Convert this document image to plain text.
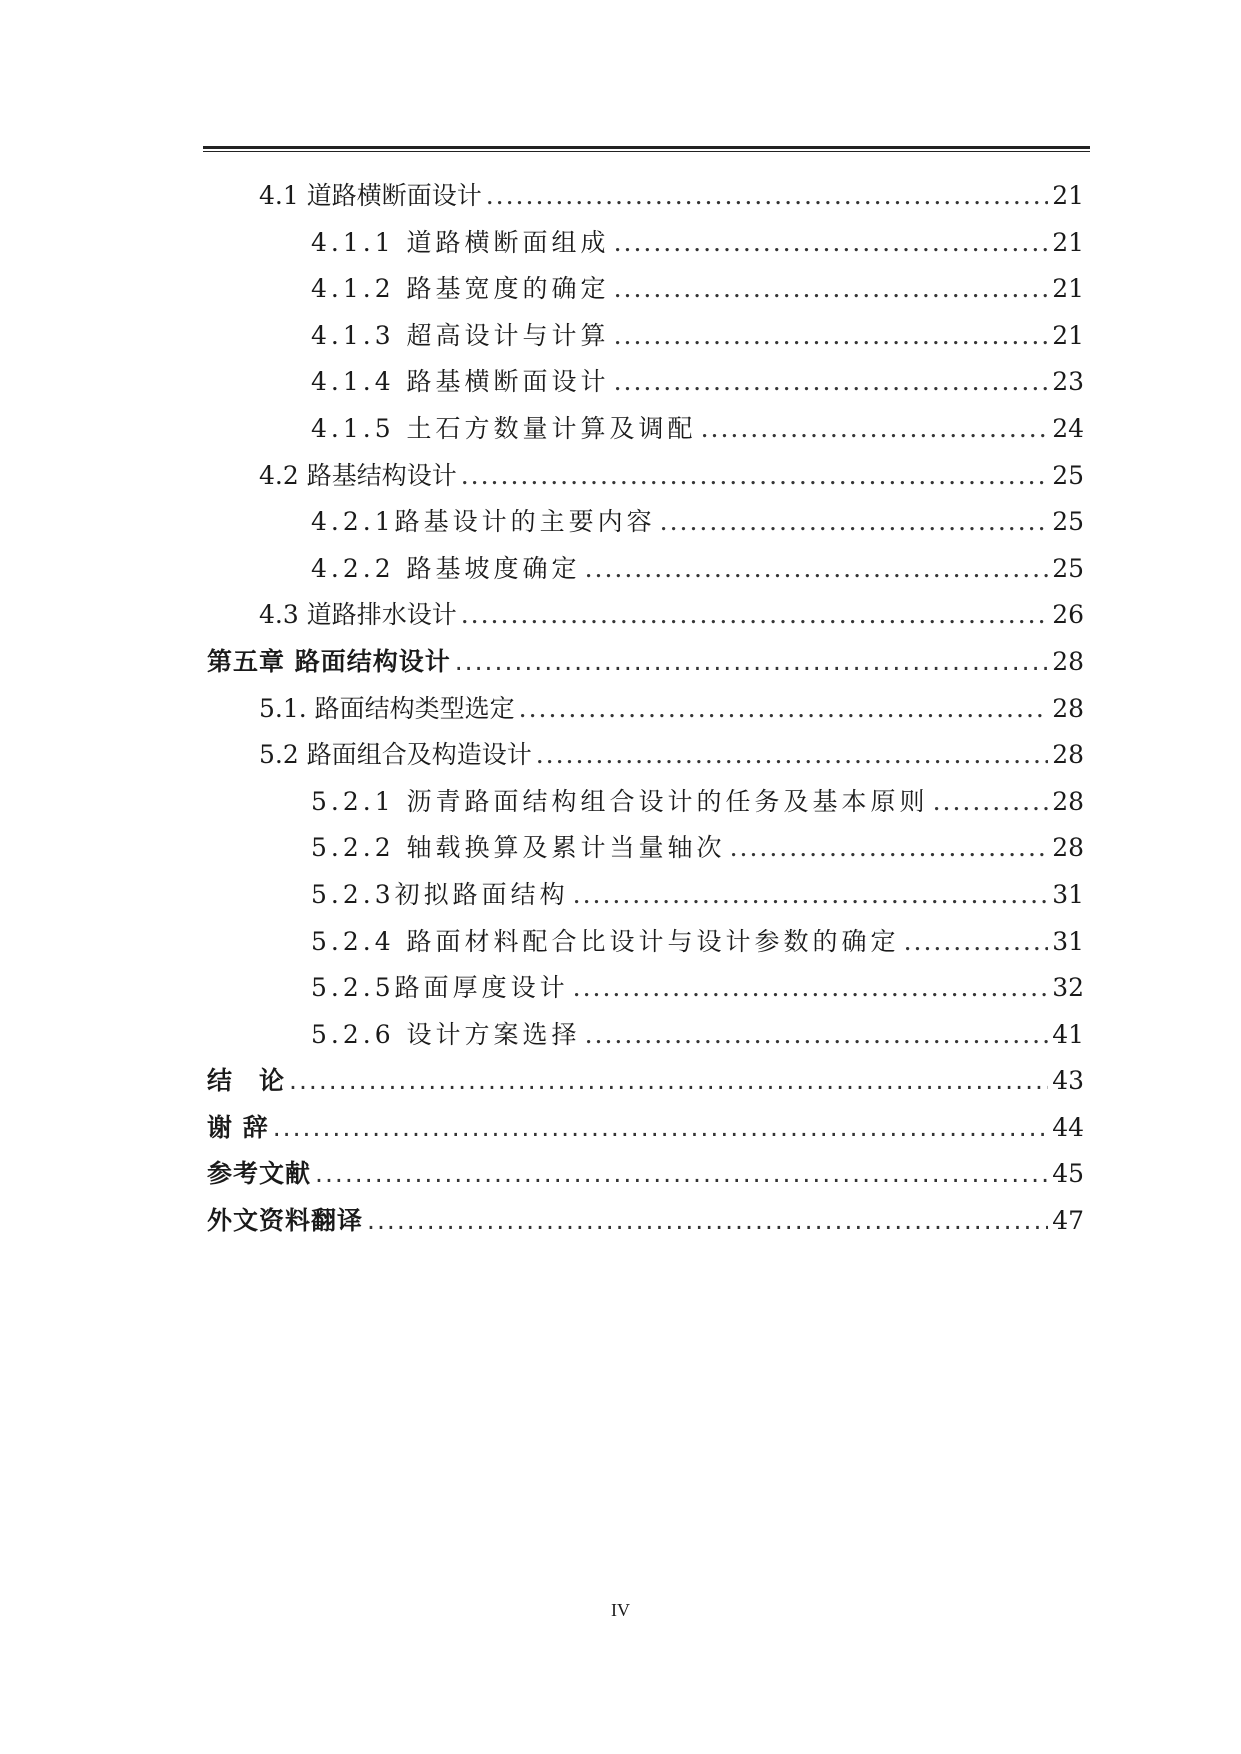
4.1 道路横断面设计 .....	21
4.1.1 道路横断面组成 .....	21
4.1.2 路基宽度的确定 .....	21
4.1.3 超高设计与计算 .....	21
4.1.4 路基横断面设计 .....	23
4.1.5 土石方数量计算及调配 .....	24
4.2 路基结构设计 .....	25
4.2.1路基设计的主要内容 .....	25
4.2.2 路基坡度确定 .....	25
4.3 道路排水设计 .....	26
第五章 路面结构设计 .....	28
5.1. 路面结构类型选定 .....	28
5.2 路面组合及构造设计 .....	28
5.2.1 沥青路面结构组合设计的任务及基本原则 .....	28
5.2.2 轴载换算及累计当量轴次 .....	28
5.2.3初拟路面结构 .....	31
5.2.4 路面材料配合比设计与设计参数的确定 .....	31
5.2.5路面厚度设计 .....	32
5.2.6 设计方案选择 .....	41
结　论 .....	43
谢 辞 .....	44
参考文献 .....	45
外文资料翻译 .....	47
IV
